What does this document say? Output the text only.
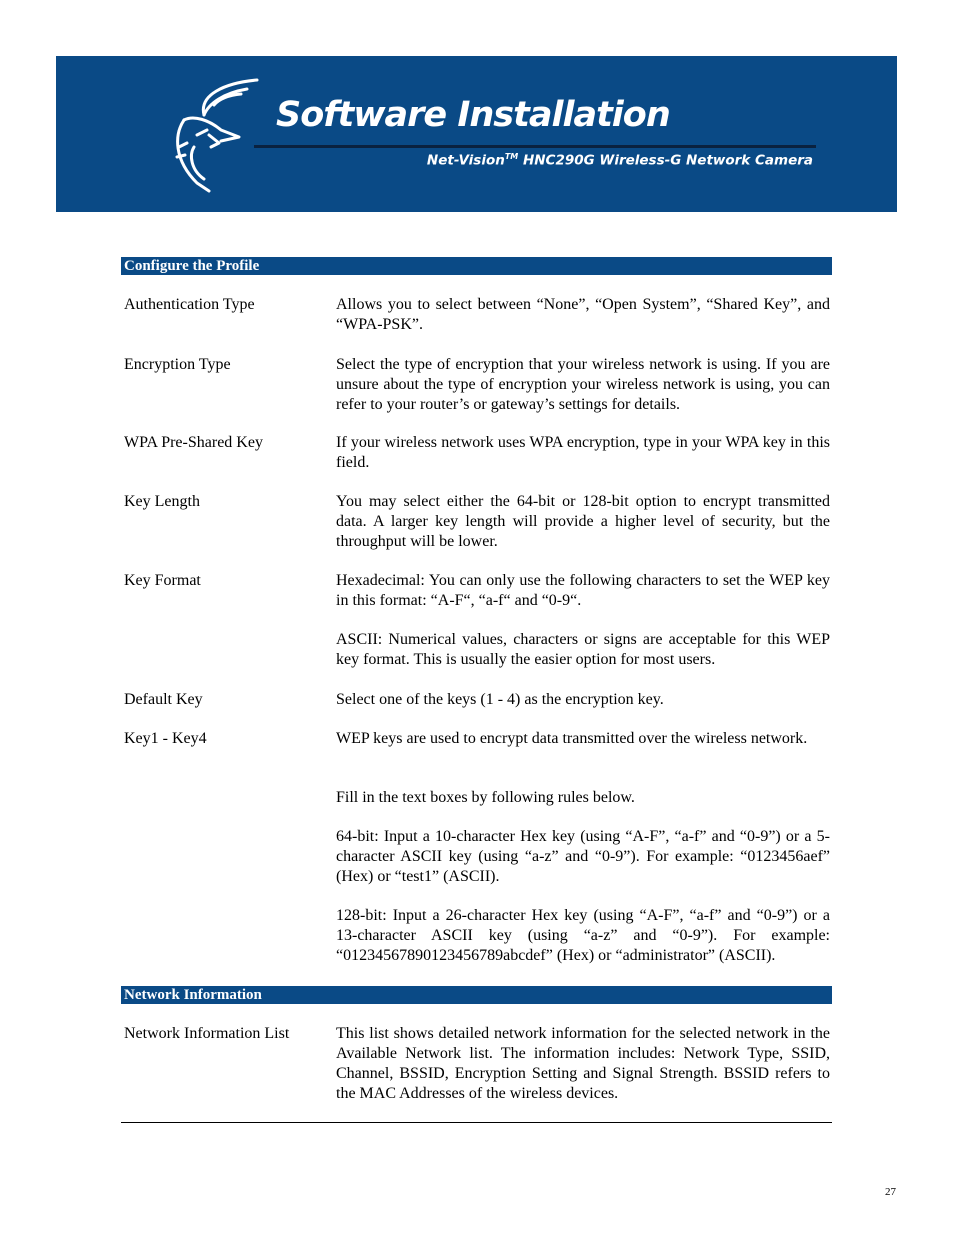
Software Installation
Net-Vision™ HNC290G Wireless-G Network Camera
Configure the Profile
Authentication Type	Allows you to select between “None”, “Open System”, “Shared Key”, and “WPA-PSK”.
Encryption Type	Select the type of encryption that your wireless network is using. If you are unsure about the type of encryption your wireless network is using, you can refer to your router’s or gateway’s settings for details.
WPA Pre-Shared Key	If your wireless network uses WPA encryption, type in your WPA key in this field.
Key Length	You may select either the 64-bit or 128-bit option to encrypt transmitted data. A larger key length will provide a higher level of security, but the throughput will be lower.
Key Format	Hexadecimal: You can only use the following characters to set the WEP key in this format: “A-F“, “a-f“ and “0-9“.
ASCII: Numerical values, characters or signs are acceptable for this WEP key format. This is usually the easier option for most users.
Default Key	Select one of the keys (1 - 4) as the encryption key.
Key1 - Key4	WEP keys are used to encrypt data transmitted over the wireless network.
Fill in the text boxes by following rules below.
64-bit: Input a 10-character Hex key (using “A-F”, “a-f” and “0-9”) or a 5-character ASCII key (using “a-z” and “0-9”). For example: “0123456aef” (Hex) or “test1” (ASCII).
128-bit: Input a 26-character Hex key (using “A-F”, “a-f” and “0-9”) or a 13-character ASCII key (using “a-z” and “0-9”). For example: “01234567890123456789abcdef” (Hex) or “administrator” (ASCII).
Network Information
Network Information List	This list shows detailed network information for the selected network in the Available Network list. The information includes: Network Type, SSID, Channel, BSSID, Encryption Setting and Signal Strength. BSSID refers to the MAC Addresses of the wireless devices.
27
